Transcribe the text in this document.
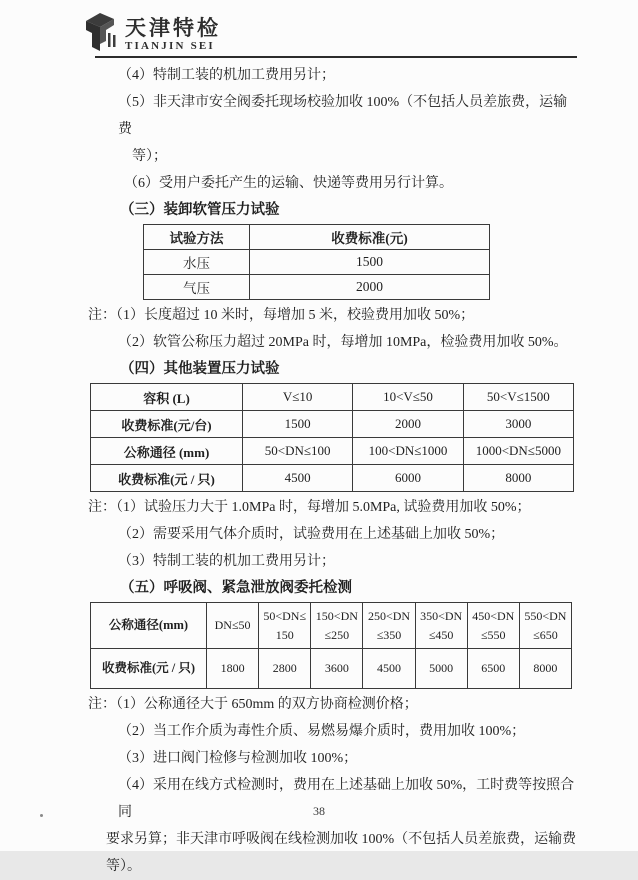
天津特检
TIANJIN SEI

（4）特制工装的机加工费用另计；

（5）非天津市安全阀委托现场校验加收 100%（不包括人员差旅费，运输费

等）；

（6）受用户委托产生的运输、快递等费用另行计算。

（三）装卸软管压力试验

试验方法	收费标准(元)
水压	1500
气压	2000

注：（1）长度超过 10 米时，每增加 5 米，校验费用加收 50%；

（2）软管公称压力超过 20MPa 时，每增加 10MPa，检验费用加收 50%。

（四）其他装置压力试验

容积 (L)	V≤10	10<V≤50	50<V≤1500
收费标准(元/台)	1500	2000	3000
公称通径 (mm)	50<DN≤100	100<DN≤1000	1000<DN≤5000
收费标准(元 / 只)	4500	6000	8000

注：（1）试验压力大于 1.0MPa 时，每增加 5.0MPa, 试验费用加收 50%；

（2）需要采用气体介质时，试验费用在上述基础上加收 50%；

（3）特制工装的机加工费用另计；

（五）呼吸阀、紧急泄放阀委托检测

公称通径(mm)	DN≤50	50<DN≤150	150<DN≤250	250<DN≤350	350<DN≤450	450<DN≤550	550<DN≤650
收费标准(元 / 只)	1800	2800	3600	4500	5000	6500	8000

注：（1）公称通径大于 650mm 的双方协商检测价格；

（2）当工作介质为毒性介质、易燃易爆介质时，费用加收 100%；

（3）进口阀门检修与检测加收 100%；

（4）采用在线方式检测时，费用在上述基础上加收 50%，工时费等按照合同

要求另算；非天津市呼吸阀在线检测加收 100%（不包括人员差旅费，运输费

等）。

38
